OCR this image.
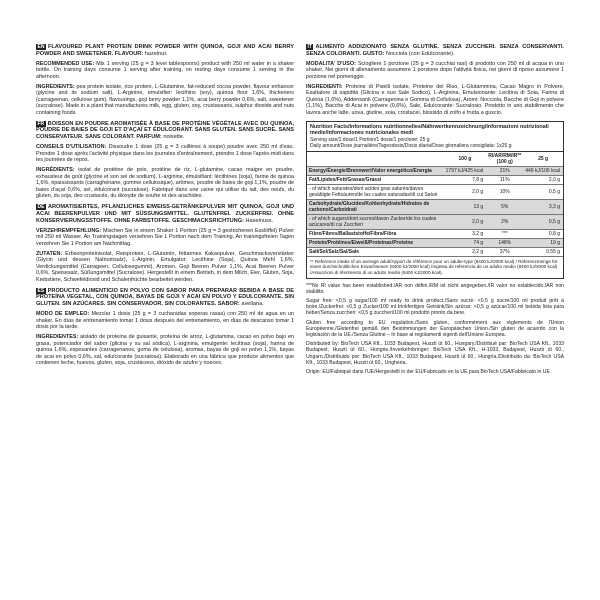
EN FLAVOURED PLANT PROTEIN DRINK POWDER WITH QUINOA, GOJI AND ACAI BERRY POWDER AND SWEETENER. FLAVOUR: hazelnut.

RECOMMENDED USE: Mix 1 serving (25 g = 3 level tablespoons) product with 250 ml water in a shaker bottle. On training days consume 1 serving after training, on resting days consume 1 serving in the afternoon.

INGREDIENTS: pea protein isolate, rice protein, L-Glutamine, fat-reduced cocoa powder, flavour enhancer (glycine and its sodium salt), L-Arginine, emulsifier: lecithins (soy), quinoa flour 1,6%, thickeners (carrageenan, cellulose gum), flavourings, goji berry powder 1,1%, acai berry powder 0,6%, salt, sweetener (sucralose). Made in a plant that manufactures milk, egg, gluten, soy, crustaceans, sulphur dioxide and nuts containing foods.

FR BOISSON EN POUDRE AROMATISÉE À BASE DE PROTÉINE VÉGÉTALE AVEC DU QUINOA, POUDRE DE BAIES DE GOJI ET D'AÇAÏ ET ÉDULCORANT. SANS GLUTEN. SANS SUCRE. SANS CONSERVATEUR. SANS COLORANT. PARFUM: noisette.

CONSEILS D'UTILISATION: Dissoudre 1 dose (25 g = 3 cuillères à soupe) poudre avec 250 ml d'eau. Prendre 1 dose après l'activité physique dans les journées d'entraînement, prendre 1 dose l'après-midi dans les journées de repos.

INGRÉDIENTS: isolat de protéine de pois, protéine de riz, L-glutamine, cacao maigre en poudre, exhausteur de goût (glycine et son sel de sodium), L-arginine, émulsifiant: lécithines (soja), farine de quinoa 1,6%, épaississants (carraghénane, gomme cellulosique), arômes, poudre de baies de goji 1,1%, poudre de baies d'açaï 0,6%, sel, édulcorant (sucralose). Fabriqué dans une usine qui utilise du lait, des oeufs, du gluten, du soja, des crustacés, du dioxyde de soufre et des arachides.

DE AROMATISIERTES, PFLANZLICHES EIWEISS-GETRÄNKEPULVER MIT QUINOA, GOJI UND ACAI BEERENPULVER UND MIT SÜSSUNGSMITTEL. GLUTENFREI. ZUCKERFREI. OHNE KONSERVIERUNGSSTOFFE. OHNE FARBSTOFFE. GESCHMACKSRICHTUNG: Haselnuss.

VERZEHREMPFEHLUNG: Mischen Sie in einem Shaker 1 Portion (25 g = 3 gestrichenen Esslöffel) Pulver mit 250 ml Wasser. An Trainingstagen verzehren Sie 1 Portion nach dem Training. An trainingsfreien Tagen verzehren Sie 1 Portion am Nachmittag.

ZUTATEN: Erbsenproteinisolat, Reisprotein, L-Glutamin, fettarmes Kakaopulver, Geschmacksverstärker (Glycin und dessen Natriumsalz), L-Arginin, Emulgator: Lecithine (Soja), Quinoa Mehl 1,6%, Verdickungsmittel (Carrageen, Cellulosegummi), Aromen, Goji Beeren Pulver 1,1%, Acai Beeren Pulver 0,6%, Speisesalz, Süßungsmittel (Sucralose). Hergestellt in einem Betrieb, in dem Milch, Eier, Gluten, Soja, Krebstiere, Schwefeldioxid und Schalenfrüchte bearbeitet werden.

ES PRODUCTO ALIMENTICIO EN POLVO CON SABOR PARA PREPARAR BEBIDA A BASE DE PROTEÍNA VEGETAL, CON QUINOA, BAYAS DE GOJI Y ACAI EN POLVO Y EDULCORANTE. SIN GLUTEN. SIN AZÚCARES. SIN CONSERVADOR. SIN COLORANTES. SABOR: avellana.

MODO DE EMPLEO: Mezclar 1 dosis (25 g = 3 cucharadas soperas rasas) con 250 ml de agua en un shaker. En días de entrenamiento tomar 1 dosis después del entrenamiento, en días de descanso tomar 1 dosis por la tarde.

INGREDIENTES: aislado de proteína de guisante, proteína de arroz, L-glutamina, cacao en polvo bajo en grasa, potenciador del sabor (glicina y su sal sódica), L-arginina, emulgente: lecitinas (soja), harina de quinoa 1,6%, espesantes (carragenanos, goma de celulosa), aromas, bayas de goji en polvo 1,1%, bayas de acai en polvo 0,6%, sal, edulcorante (sucralosa). Elaborado en una fábrica que produce alimentos que contienen leche, huevos, gluten, soja, crustáceos, dióxido de azufre y nueces.

IT ALIMENTO ADDIZIONATO SENZA GLUTINE. SENZA ZUCCHERI. SENZA CONSERVANTI. SENZA COLORANTI. GUSTO: Nocciola (con Edulcorante).

MODALITA' D'USO: Sciogliere 1 porzione (25 g = 3 cucchiai rasi) di prodotto con 250 ml di acqua in uno shaker. Nei giorni di allenamento assumere 1 porzione dopo l'attività fisica, nei giorni di riposo assumere 1 porzione nel pomeriggio.

INGREDIENTI: Proteine di Piselli isolate, Proteine del Riso, L-Glutammina, Cacao Magro in Polvere, Esaltatore di sapidità (Glicina e suo Sale Sodico), L-Arginina, Emulsionante: Lecitina di Soia, Farina di Quinoa (1,6%), Addensanti (Carragenina e Gomma di Cellulosa), Aromi: Nocciola, Bacche di Goji in polvere (1,1%), Bacche di Acai in polvere (0,6%), Sale, Edulcorante: Sucralosio. Prodotto in uno stabilimento che lavora anche latte, uova, glutine, soia, crostacei, biossido di zolfo e frutta a guscio.

Nutrition Facts/Informations nutritionnelles/Nährwertkennzeichnung/Informazioni nutrizionali medie/Informaciones nutricionales medi
Serving size/1 dose/1 Portion/1 dosis/1 porzione: 25 g
Daily amount/Dose journalière/Tagesdosis/Dosis diaria/Dose giornaliera consigliata: 1x25 g
	100 g	RI/AR/RM/IR** (100 g)	25 g
Energy/Énergie/Brennwert/Valor energético/Energia	1797 kJ/425 kcal	21%	449 kJ/106 kcal
Fat/Lipides/Fett/Grasas/Grassi	7,8 g	11%	2,0 g
- of which saturates/dont acides gras saturés/davon gesättigte Fettsäuren/de las cuales saturadas/di cui Saturi	2,0 g	10%	0,5 g
Carbohydrate/Glucides/Kohlenhydrate/Hidratos de carbono/Carboidrati	13 g	5%	3,3 g
- of which sugars/dont sucres/davon Zucker/de los cuales azúcares/di cui Zuccheri	2,0 g	2%	0,5 g
Fibre/Fibres/Ballaststoffe/Fibra/Fibra	3,2 g	***	0,8 g
Protein/Protéines/Eiweiß/Proteínas/Proteine	74 g	148%	19 g
Salt/Sel/Salz/Sal/Sale	2,2 g	37%	0,55 g
** Reference intake of an average adult/Apport de référence pour un adulte-type (8400 kJ/2000 kcal) / Referenzmenge für einen durchschnittlichen Erwachsenen (8400 kJ/2000 kcal) /Ingesta de referencia de un adulto medio (8400 kJ/2000 kcal) /Assunzioni di riferimento di un adulto medio (8400 kJ/2000 kcal).

***No RI value has been established./AR non défini./RM ist nicht angegeben./IR valor no establecido./AR non stabilito.

Sugar free: <0,5 g sugar/100 ml ready to drink product./Sans sucre: <0,5 g sucre/100 ml produit prêt à boire./Zuckerfrei: <0,5 g Zucker/100 ml trinkfertiges Getränk/Sin azúcar: <0,5 g azúcar/100 ml bebida lista para beber/Senza zuccheri: <0,5 g zuccheri/100 ml prodotto pronto da bere.

Gluten free according to EU regulation./Sans gluten, conformément aux règlements de l'Union Européenne./Glutenfrei gemäß den Bestimmungen der Europäischen Union./Sin gluten de acuerdo con la legislación de la UE./Senza Glutine – In base ai regolamenti vigenti dell'Unione Europea.

Distributed by: BioTech USA Kft., 1033 Budapest, Huszti út 60., Hungary./Distribué par: BioTech USA Kft., 1033 Budapest, Huszti út 60., Hongrie./Inverkehrbringer: BioTech USA Kft., H-1033, Budapest, Huszti út 60., Ungarn./Distribuido por: BioTech USA Kft., 1033 Budapest, Huszti út 60., Hungría./Distribuito da: BioTech USA Kft., 1033 Budapest, Huszti út 60., Ungheria.

Origin: EU/Fabriqué dans l'UE/Hergestellt in der EU/Fabricado en la UE para BioTech USA/Fabbricato in UE
